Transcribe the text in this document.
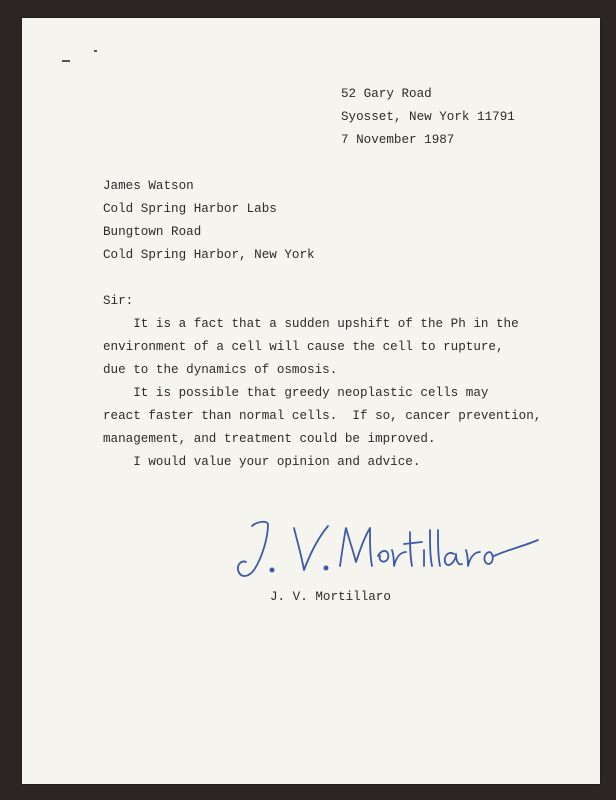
52 Gary Road
Syosset, New York 11791
7 November 1987
James Watson
Cold Spring Harbor Labs
Bungtown Road
Cold Spring Harbor, New York
Sir:
It is a fact that a sudden upshift of the Ph in the
environment of a cell will cause the cell to rupture,
due to the dynamics of osmosis.
It is possible that greedy neoplastic cells may
react faster than normal cells.  If so, cancer prevention,
management, and treatment could be improved.
I would value your opinion and advice.
J. V. Mortillaro
